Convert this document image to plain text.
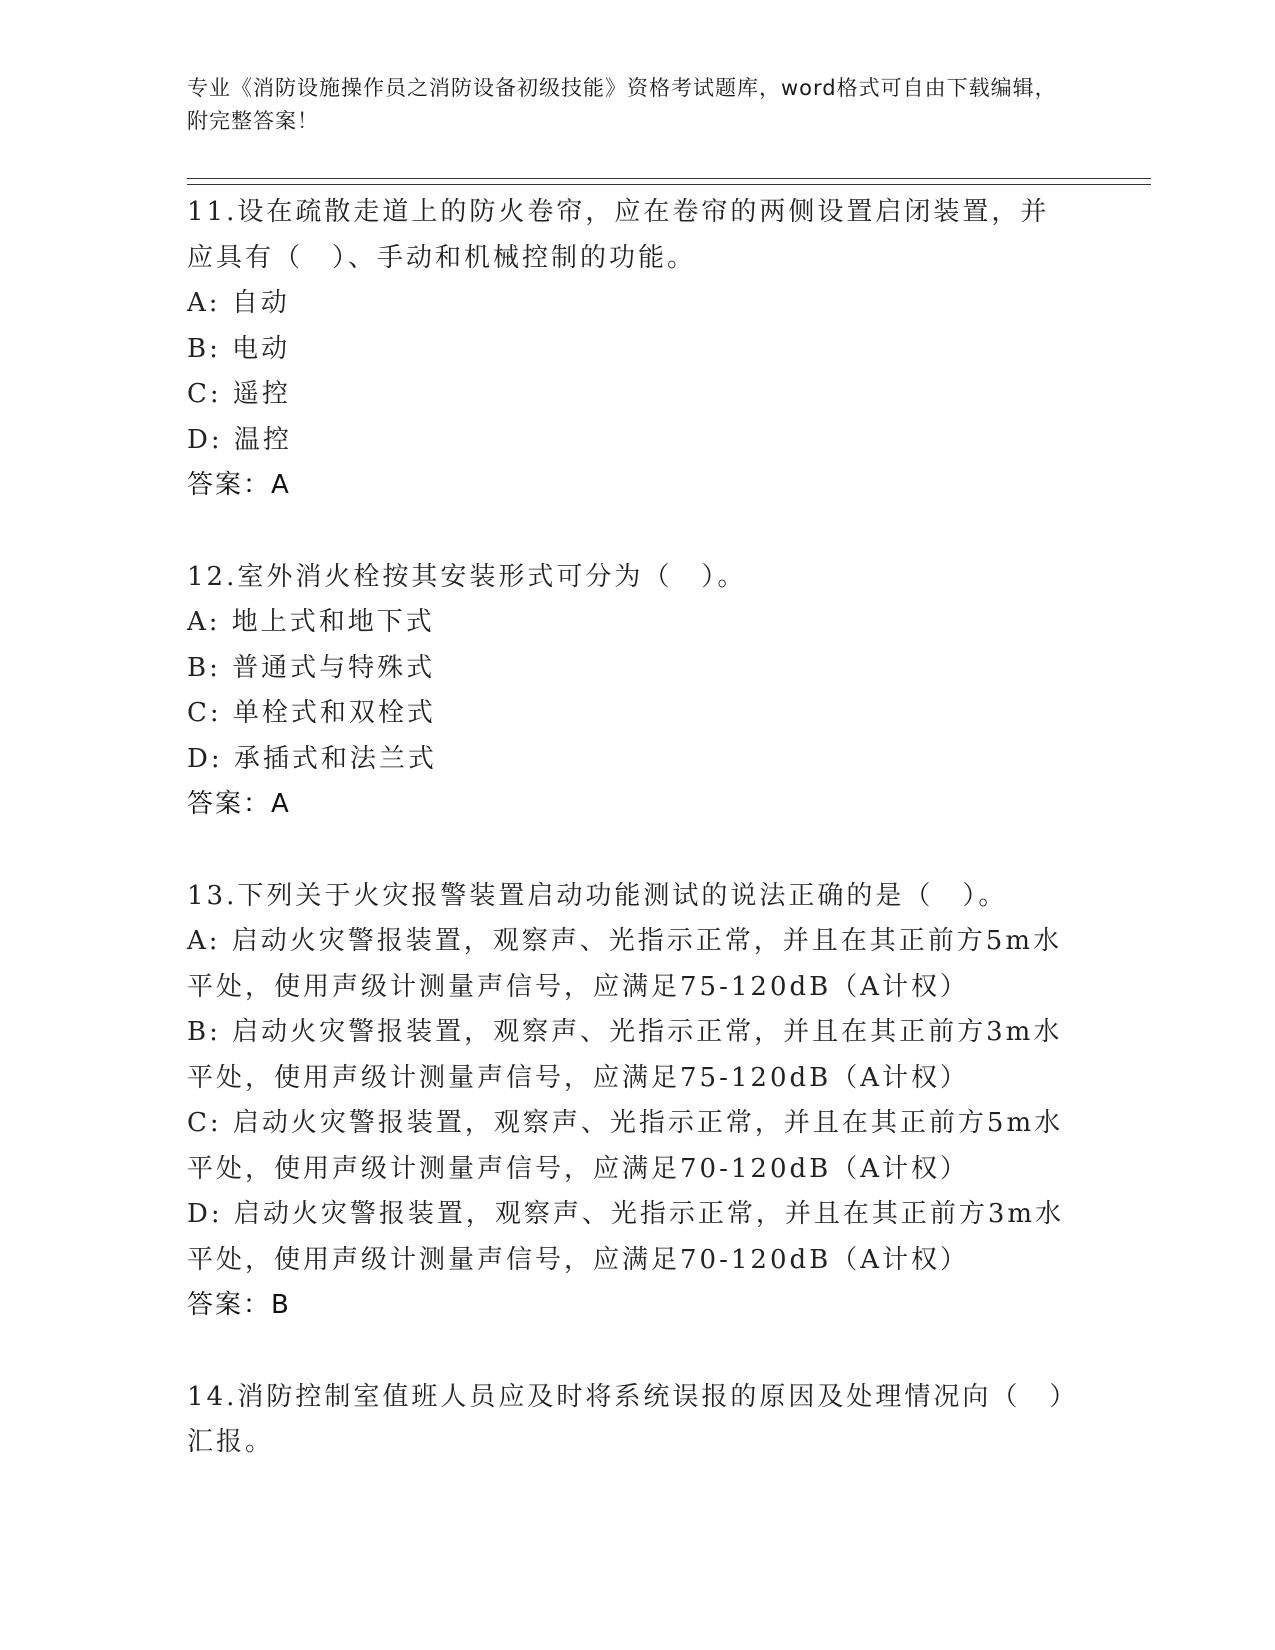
专业《消防设施操作员之消防设备初级技能》资格考试题库，word格式可自由下载编辑，附完整答案！
11.设在疏散走道上的防火卷帘，应在卷帘的两侧设置启闭装置，并应具有（　）、手动和机械控制的功能。
A: 自动
B: 电动
C: 遥控
D: 温控
答案：A
12.室外消火栓按其安装形式可分为（　）。
A: 地上式和地下式
B: 普通式与特殊式
C: 单栓式和双栓式
D: 承插式和法兰式
答案：A
13.下列关于火灾报警装置启动功能测试的说法正确的是（　）。
A: 启动火灾警报装置，观察声、光指示正常，并且在其正前方5m水平处，使用声级计测量声信号，应满足75-120dB（A计权）
B: 启动火灾警报装置，观察声、光指示正常，并且在其正前方3m水平处，使用声级计测量声信号，应满足75-120dB（A计权）
C: 启动火灾警报装置，观察声、光指示正常，并且在其正前方5m水平处，使用声级计测量声信号，应满足70-120dB（A计权）
D: 启动火灾警报装置，观察声、光指示正常，并且在其正前方3m水平处，使用声级计测量声信号，应满足70-120dB（A计权）
答案：B
14.消防控制室值班人员应及时将系统误报的原因及处理情况向（　）汇报。
